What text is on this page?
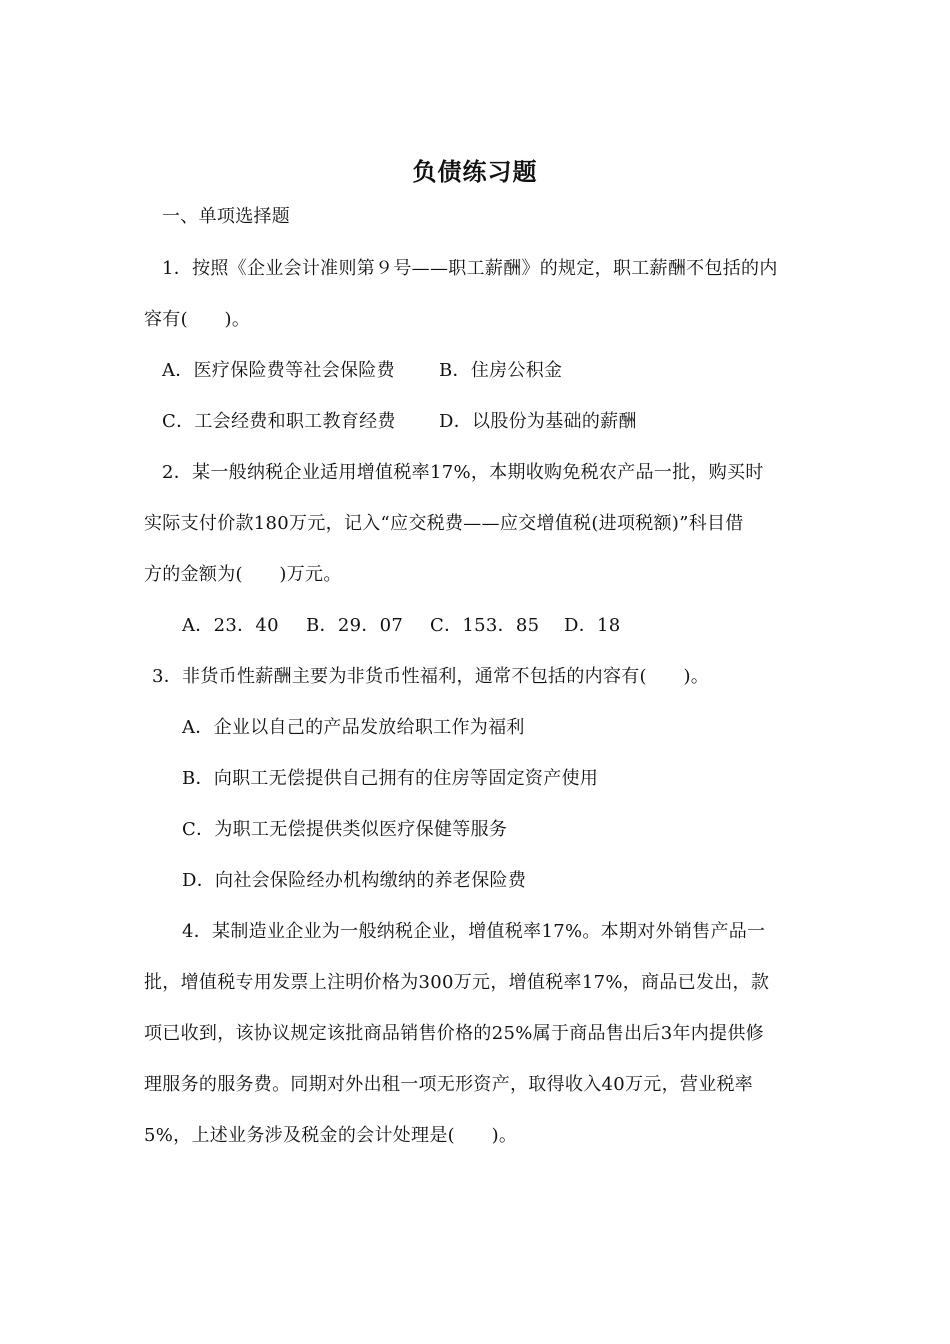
负债练习题
一、单项选择题
1．按照《企业会计准则第９号——职工薪酬》的规定，职工薪酬不包括的内
容有(　　)。
A．医疗保险费等社会保险费 B．住房公积金
C．工会经费和职工教育经费 D．以股份为基础的薪酬
2．某一般纳税企业适用增值税率17%，本期收购免税农产品一批，购买时
实际支付价款180万元，记入“应交税费——应交增值税(进项税额)”科目借
方的金额为(　　)万元。
A．23．40 B．29．07 C．153．85 D．18
3．非货币性薪酬主要为非货币性福利，通常不包括的内容有(　　)。
A．企业以自己的产品发放给职工作为福利
B．向职工无偿提供自己拥有的住房等固定资产使用
C．为职工无偿提供类似医疗保健等服务
D．向社会保险经办机构缴纳的养老保险费
4．某制造业企业为一般纳税企业，增值税率17%。本期对外销售产品一
批，增值税专用发票上注明价格为300万元，增值税率17%，商品已发出，款
项已收到，该协议规定该批商品销售价格的25%属于商品售出后3年内提供修
理服务的服务费。同期对外出租一项无形资产，取得收入40万元，营业税率
5%，上述业务涉及税金的会计处理是(　　)。
